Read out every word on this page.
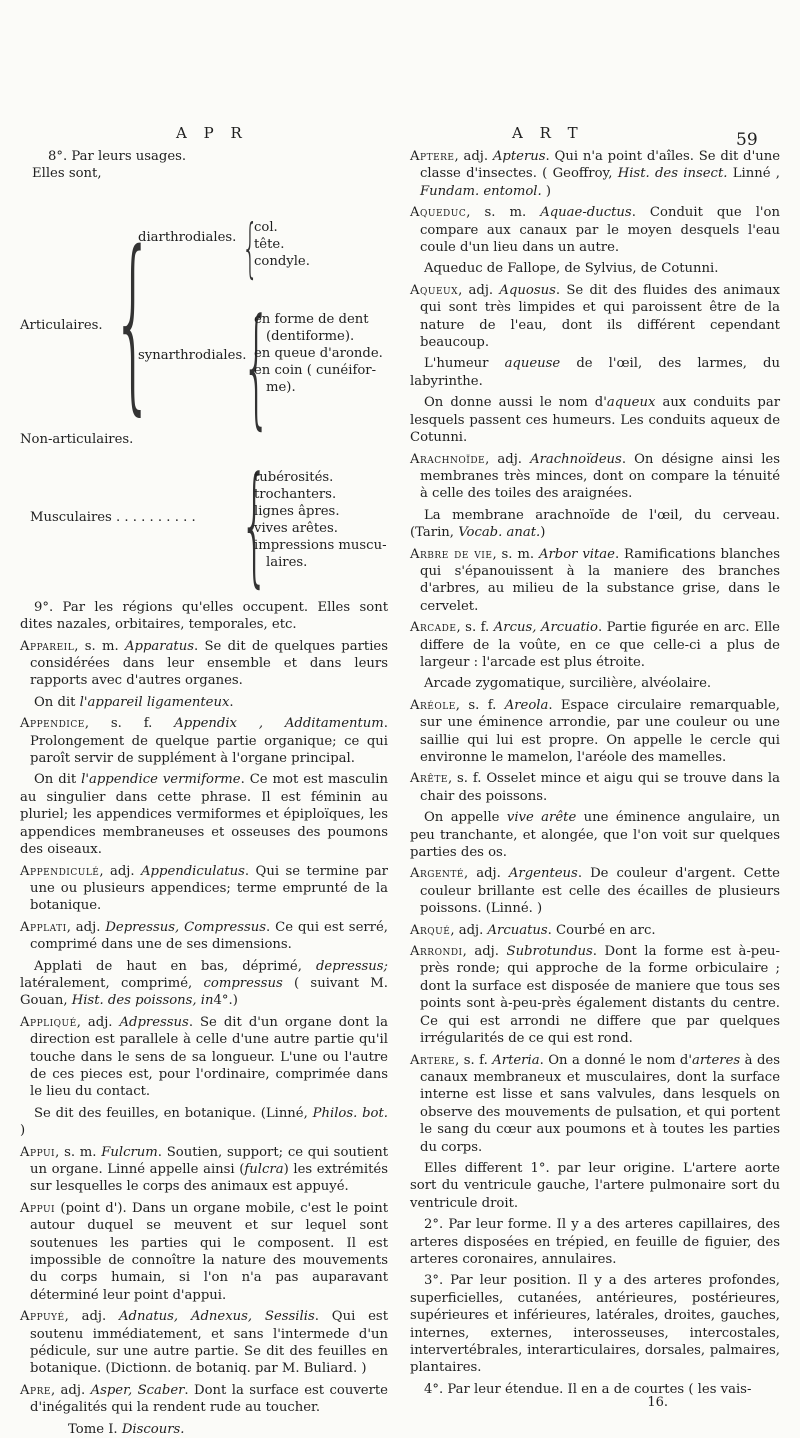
A P R	A R T	59
8°. Par leurs usages.
Elles sont,
Articulaires. {
diarthrodiales. {
col.
tête.
condyle.
synarthrodiales.
{
en forme de dent
(dentiforme).
en queue d'aronde.
en coin ( cunéifor-
me).
Non-articulaires.
Musculaires . . . . . . . . . . {
tubérosités.
trochanters.
lignes âpres.
vives arêtes.
impressions muscu-
laires.

9°. Par les régions qu'elles occupent. Elles sont dites nazales, orbitaires, temporales, etc.

Appareil, s. m. Apparatus. Se dit de quelques parties considérées dans leur ensemble et dans leurs rapports avec d'autres organes.

On dit l'appareil ligamenteux.

Appendice, s. f. Appendix , Additamentum. Prolongement de quelque partie organique; ce qui paroît servir de supplément à l'organe principal.

On dit l'appendice vermiforme. Ce mot est masculin au singulier dans cette phrase. Il est féminin au pluriel; les appendices vermiformes et épiploïques, les appendices membraneuses et osseuses des poumons des oiseaux.

Appendiculé, adj. Appendiculatus. Qui se termine par une ou plusieurs appendices; terme emprunté de la botanique.

Applati, adj. Depressus, Compressus. Ce qui est serré, comprimé dans une de ses dimensions.

Applati de haut en bas, déprimé, depressus; latéralement, comprimé, compressus ( suivant M. Gouan, Hist. des poissons, in4°.)

Appliqué, adj. Adpressus. Se dit d'un organe dont la direction est parallele à celle d'une autre partie qu'il touche dans le sens de sa longueur. L'une ou l'autre de ces pieces est, pour l'ordinaire, comprimée dans le lieu du contact.

Se dit des feuilles, en botanique. (Linné, Philos. bot. )

Appui, s. m. Fulcrum. Soutien, support; ce qui soutient un organe. Linné appelle ainsi (fulcra) les extrémités sur lesquelles le corps des animaux est appuyé.

Appui (point d'). Dans un organe mobile, c'est le point autour duquel se meuvent et sur lequel sont soutenues les parties qui le composent. Il est impossible de connoître la nature des mouvements du corps humain, si l'on n'a pas auparavant déterminé leur point d'appui.

Appuyé, adj. Adnatus, Adnexus, Sessilis. Qui est soutenu immédiatement, et sans l'intermede d'un pédicule, sur une autre partie. Se dit des feuilles en botanique. (Dictionn. de botaniq. par M. Buliard. )

Apre, adj. Asper, Scaber. Dont la surface est couverte d'inégalités qui la rendent rude au toucher.

Tome I. Discours.

Aptere, adj. Apterus. Qui n'a point d'aîles. Se dit d'une classe d'insectes. ( Geoffroy, Hist. des insect. Linné , Fundam. entomol. )

Aqueduc, s. m. Aquae-ductus. Conduit que l'on compare aux canaux par le moyen desquels l'eau coule d'un lieu dans un autre.

Aqueduc de Fallope, de Sylvius, de Cotunni.

Aqueux, adj. Aquosus. Se dit des fluides des animaux qui sont très limpides et qui paroissent être de la nature de l'eau, dont ils différent cependant beaucoup.

L'humeur aqueuse de l'œil, des larmes, du labyrinthe.

On donne aussi le nom d'aqueux aux conduits par lesquels passent ces humeurs. Les conduits aqueux de Cotunni.

Arachnoïde, adj. Arachnoïdeus. On désigne ainsi les membranes très minces, dont on compare la ténuité à celle des toiles des araignées.

La membrane arachnoïde de l'œil, du cerveau. (Tarin, Vocab. anat.)

Arbre de vie, s. m. Arbor vitae. Ramifications blanches qui s'épanouissent à la maniere des branches d'arbres, au milieu de la substance grise, dans le cervelet.

Arcade, s. f. Arcus, Arcuatio. Partie figurée en arc. Elle differe de la voûte, en ce que celle-ci a plus de largeur : l'arcade est plus étroite.

Arcade zygomatique, surcilière, alvéolaire.

Aréole, s. f. Areola. Espace circulaire remarquable, sur une éminence arrondie, par une couleur ou une saillie qui lui est propre. On appelle le cercle qui environne le mamelon, l'aréole des mamelles.

Arête, s. f. Osselet mince et aigu qui se trouve dans la chair des poissons.

On appelle vive arête une éminence angulaire, un peu tranchante, et alongée, que l'on voit sur quelques parties des os.

Argenté, adj. Argenteus. De couleur d'argent. Cette couleur brillante est celle des écailles de plusieurs poissons. (Linné. )

Arqué, adj. Arcuatus. Courbé en arc.

Arrondi, adj. Subrotundus. Dont la forme est à-peu-près ronde; qui approche de la forme orbiculaire ; dont la surface est disposée de maniere que tous ses points sont à-peu-près également distants du centre. Ce qui est arrondi ne differe que par quelques irrégularités de ce qui est rond.

Artere, s. f. Arteria. On a donné le nom d'arteres à des canaux membraneux et musculaires, dont la surface interne est lisse et sans valvules, dans lesquels on observe des mouvements de pulsation, et qui portent le sang du cœur aux poumons et à toutes les parties du corps.

Elles different 1°. par leur origine. L'artere aorte sort du ventricule gauche, l'artere pulmonaire sort du ventricule droit.

2°. Par leur forme. Il y a des arteres capillaires, des arteres disposées en trépied, en feuille de figuier, des arteres coronaires, annulaires.

3°. Par leur position. Il y a des arteres profondes, superficielles, cutanées, antérieures, postérieures, supérieures et inférieures, latérales, droites, gauches, internes, externes, interosseuses, intercostales, intervertébrales, interarticulaires, dorsales, palmaires, plantaires.

4°. Par leur étendue. Il en a de courtes ( les vais-

16.
